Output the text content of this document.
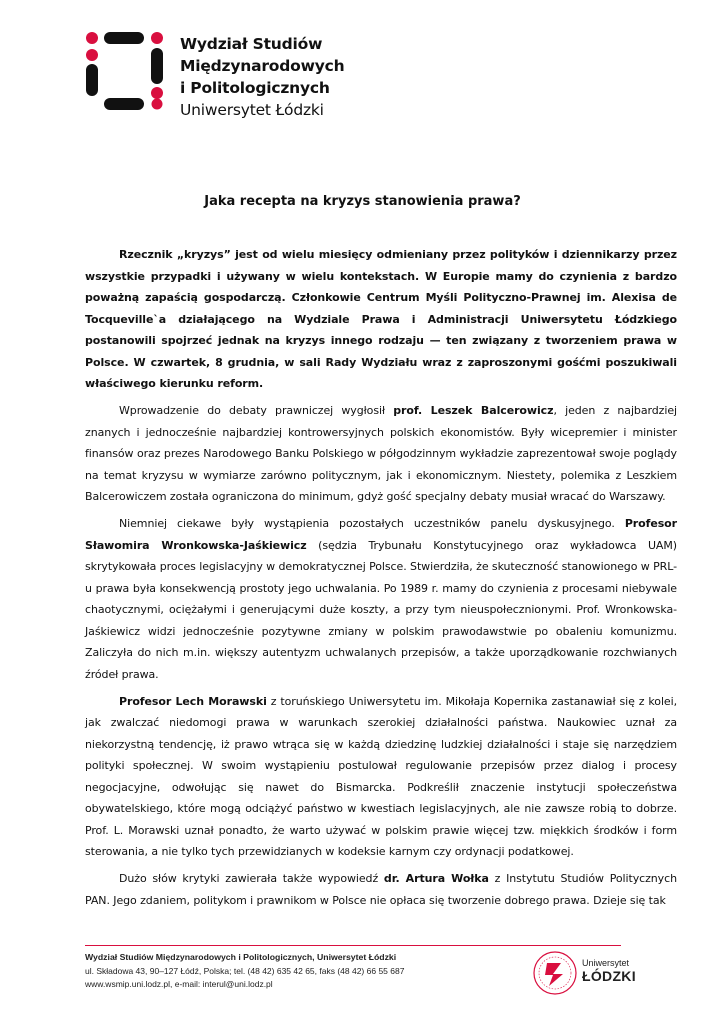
Wydział Studiów
Międzynarodowych
i Politologicznych
Uniwersytet Łódzki
Jaka recepta na kryzys stanowienia prawa?

Rzecznik „kryzys” jest od wielu miesięcy odmieniany przez polityków i dziennikarzy przez wszystkie przypadki i używany w wielu kontekstach. W Europie mamy do czynienia z bardzo poważną zapaścią gospodarczą. Członkowie Centrum Myśli Polityczno-Prawnej im. Alexisa de Tocqueville`a działającego na Wydziale Prawa i Administracji Uniwersytetu Łódzkiego postanowili spojrzeć jednak na kryzys innego rodzaju — ten związany z tworzeniem prawa w Polsce. W czwartek, 8 grudnia, w sali Rady Wydziału wraz z zaproszonymi gośćmi poszukiwali właściwego kierunku reform.

Wprowadzenie do debaty prawniczej wygłosił prof. Leszek Balcerowicz, jeden z najbardziej znanych i jednocześnie najbardziej kontrowersyjnych polskich ekonomistów. Były wicepremier i minister finansów oraz prezes Narodowego Banku Polskiego w półgodzinnym wykładzie zaprezentował swoje poglądy na temat kryzysu w wymiarze zarówno politycznym, jak i ekonomicznym. Niestety, polemika z Leszkiem Balcerowiczem została ograniczona do minimum, gdyż gość specjalny debaty musiał wracać do Warszawy.

Niemniej ciekawe były wystąpienia pozostałych uczestników panelu dyskusyjnego. Profesor Sławomira Wronkowska-Jaśkiewicz (sędzia Trybunału Konstytucyjnego oraz wykładowca UAM) skrytykowała proces legislacyjny w demokratycznej Polsce. Stwierdziła, że skuteczność stanowionego w PRL-u prawa była konsekwencją prostoty jego uchwalania. Po 1989 r. mamy do czynienia z procesami niebywale chaotycznymi, ociężałymi i generującymi duże koszty, a przy tym nieuspołecznionymi. Prof. Wronkowska-Jaśkiewicz widzi jednocześnie pozytywne zmiany w polskim prawodawstwie po obaleniu komunizmu. Zaliczyła do nich m.in. większy autentyzm uchwalanych przepisów, a także uporządkowanie rozchwianych źródeł prawa.

Profesor Lech Morawski z toruńskiego Uniwersytetu im. Mikołaja Kopernika zastanawiał się z kolei, jak zwalczać niedomogi prawa w warunkach szerokiej działalności państwa. Naukowiec uznał za niekorzystną tendencję, iż prawo wtrąca się w każdą dziedzinę ludzkiej działalności i staje się narzędziem polityki społecznej. W swoim wystąpieniu postulował regulowanie przepisów przez dialog i procesy negocjacyjne, odwołując się nawet do Bismarcka. Podkreślił znaczenie instytucji społeczeństwa obywatelskiego, które mogą odciążyć państwo w kwestiach legislacyjnych, ale nie zawsze robią to dobrze. Prof. L. Morawski uznał ponadto, że warto używać w polskim prawie więcej tzw. miękkich środków i form sterowania, a nie tylko tych przewidzianych w kodeksie karnym czy ordynacji podatkowej.

Dużo słów krytyki zawierała także wypowiedź dr. Artura Wołka z Instytutu Studiów Politycznych PAN. Jego zdaniem, politykom i prawnikom w Polsce nie opłaca się tworzenie dobrego prawa. Dzieje się tak

Wydział Studiów Międzynarodowych i Politologicznych, Uniwersytet Łódzki
ul. Składowa 43, 90–127 Łódź, Polska; tel. (48 42) 635 42 65, faks (48 42) 66 55 687
www.wsmip.uni.lodz.pl, e-mail: interul@uni.lodz.pl
Uniwersytet
ŁÓDZKI
